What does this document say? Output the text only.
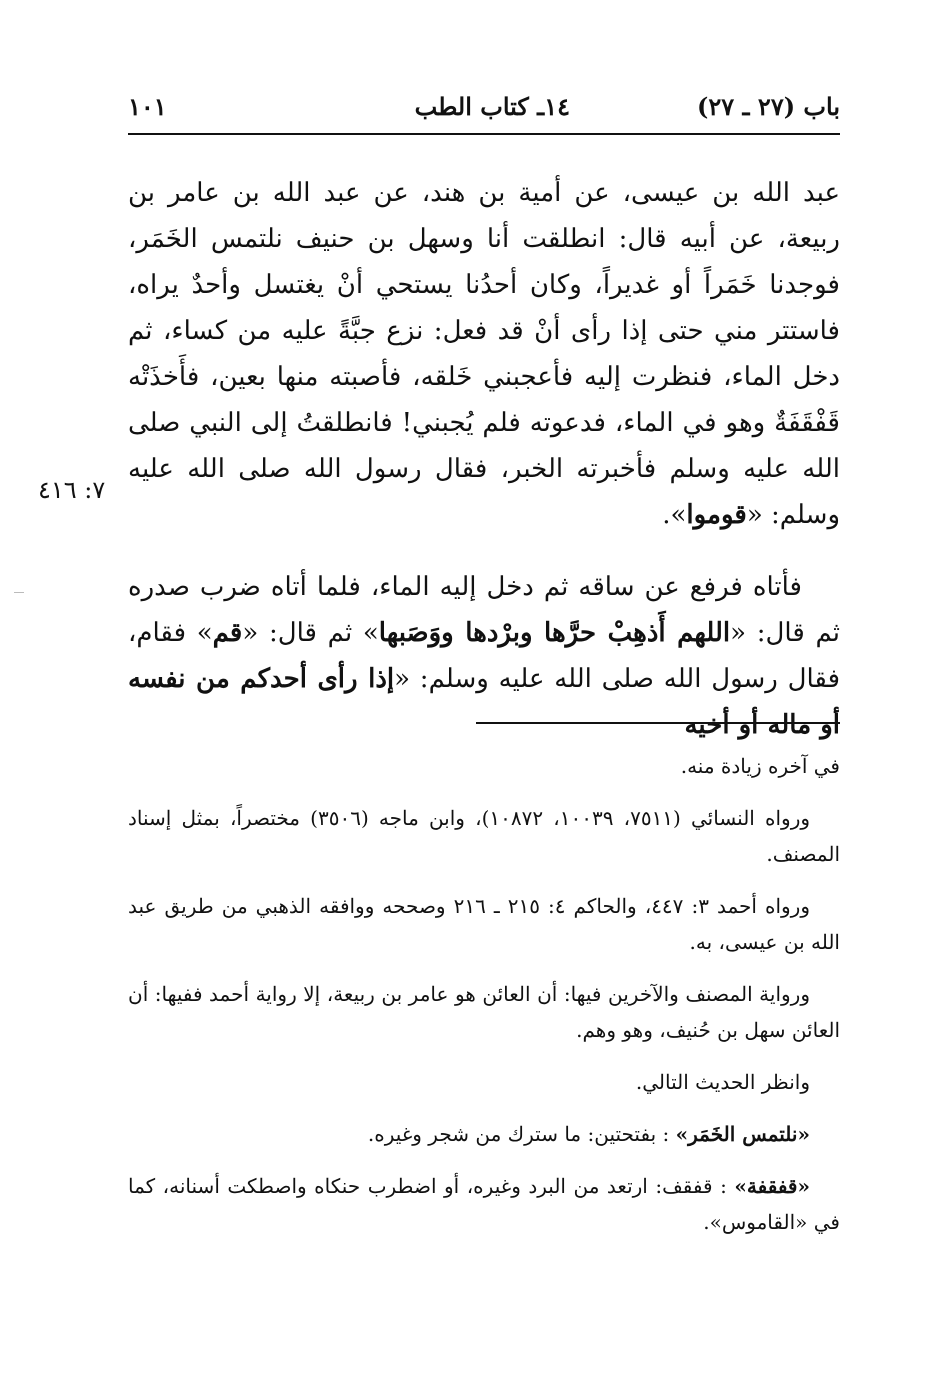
باب (٢٧ ـ ٢٧)
١٤ـ كتاب الطب
١٠١

عبد الله بن عيسى، عن أمية بن هند، عن عبد الله بن عامر بن ربيعة، عن أبيه قال: انطلقت أنا وسهل بن حنيف نلتمس الخَمَر، فوجدنا خَمَراً أو غديراً، وكان أحدُنا يستحي أنْ يغتسل وأحدٌ يراه، فاستتر مني حتى إذا رأى أنْ قد فعل: نزع جبَّةً عليه من كساء، ثم دخل الماء، فنظرت إليه فأعجبني خَلقه، فأصبته منها بعين، فأَخذَتْه قَفْقَفَةٌ وهو في الماء، فدعوته فلم يُجبني! فانطلقتُ إلى النبي صلى الله عليه وسلم فأخبرته الخبر، فقال رسول الله صلى الله عليه وسلم: «قوموا».

فأتاه فرفع عن ساقه ثم دخل إليه الماء، فلما أتاه ضرب صدره ثم قال: «اللهم أَذهِبْ حرَّها وبرْدها ووَصَبها» ثم قال: «قم» فقام، فقال رسول الله صلى الله عليه وسلم: «إذا رأى أحدكم من نفسه أو ماله أو أخيه

٧: ٤١٦

في آخره زيادة منه.

ورواه النسائي (٧٥١١، ١٠٠٣٩، ١٠٨٧٢)، وابن ماجه (٣٥٠٦) مختصراً، بمثل إسناد المصنف.

ورواه أحمد ٣: ٤٤٧، والحاكم ٤: ٢١٥ ـ ٢١٦ وصححه ووافقه الذهبي من طريق عبد الله بن عيسى، به.

ورواية المصنف والآخرين فيها: أن العائن هو عامر بن ربيعة، إلا رواية أحمد ففيها: أن العائن سهل بن حُنيف، وهو وهم.

وانظر الحديث التالي.

«نلتمس الخَمَر» : بفتحتين: ما سترك من شجر وغيره.

«قفقفة» : قفقف: ارتعد من البرد وغيره، أو اضطرب حنكاه واصطكت أسنانه، كما في «القاموس».
